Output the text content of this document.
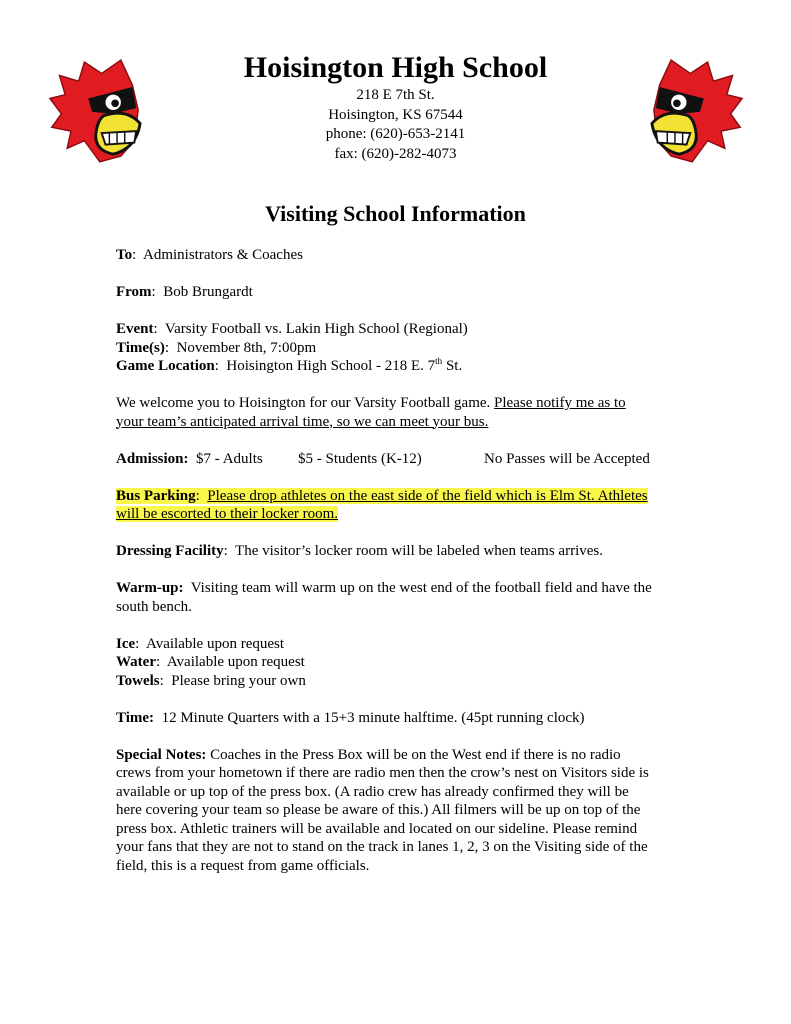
Hoisington High School
218 E 7th St.
Hoisington, KS 67544
phone: (620)-653-2141
fax: (620)-282-4073
Visiting School Information
To:  Administrators & Coaches
From:  Bob Brungardt
Event:  Varsity Football vs. Lakin High School (Regional)
Time(s):  November 8th, 7:00pm
Game Location:  Hoisington High School - 218 E. 7th St.
We welcome you to Hoisington for our Varsity Football game. Please notify me as to
your team’s anticipated arrival time, so we can meet your bus.
Admission: $7 - Adults $5 - Students (K-12)	No Passes will be Accepted
Bus Parking:  Please drop athletes on the east side of the field which is Elm St. Athletes
will be escorted to their locker room.
Dressing Facility:  The visitor’s locker room will be labeled when teams arrives.
Warm-up: Visiting team will warm up on the west end of the football field and have the
south bench.
Ice:  Available upon request
Water:  Available upon request
Towels:  Please bring your own
Time: 12 Minute Quarters with a 15+3 minute halftime. (45pt running clock)
Special Notes: Coaches in the Press Box will be on the West end if there is no radio
crews from your hometown if there are radio men then the crow’s nest on Visitors side is
available or up top of the press box. (A radio crew has already confirmed they will be
here covering your team so please be aware of this.) All filmers will be up on top of the
press box. Athletic trainers will be available and located on our sideline. Please remind
your fans that they are not to stand on the track in lanes 1, 2, 3 on the Visiting side of the
field, this is a request from game officials.
